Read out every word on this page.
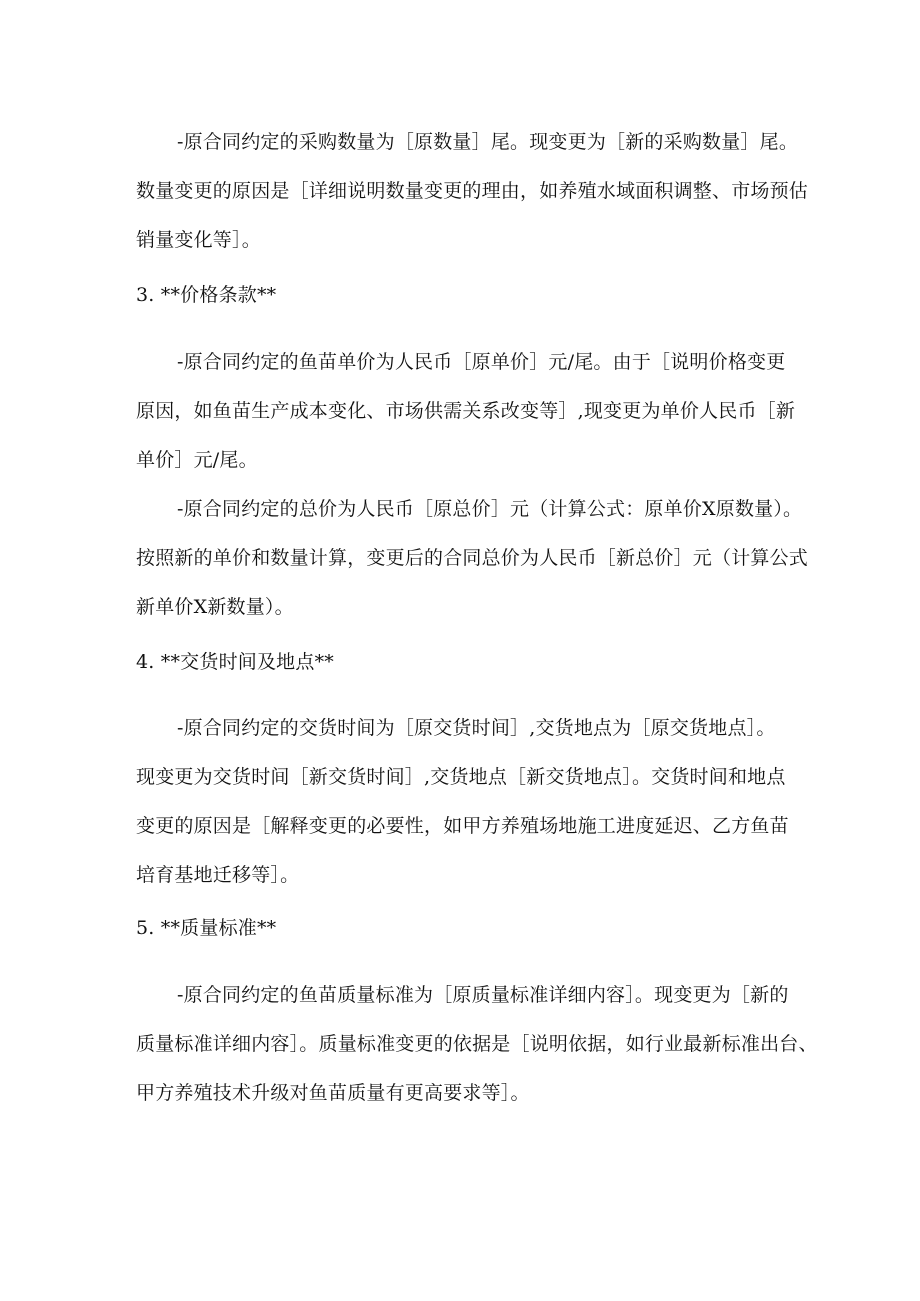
-原合同约定的采购数量为［原数量］尾。现变更为［新的采购数量］尾。
数量变更的原因是［详细说明数量变更的理由，如养殖水域面积调整、市场预估
销量变化等］。
3. **价格条款**
-原合同约定的鱼苗单价为人民币［原单价］元/尾。由于［说明价格变更
原因，如鱼苗生产成本变化、市场供需关系改变等］,现变更为单价人民币［新
单价］元/尾。
-原合同约定的总价为人民币［原总价］元（计算公式：原单价X原数量）。
按照新的单价和数量计算，变更后的合同总价为人民币［新总价］元（计算公式
新单价X新数量）。
4. **交货时间及地点**
-原合同约定的交货时间为［原交货时间］,交货地点为［原交货地点］。
现变更为交货时间［新交货时间］,交货地点［新交货地点］。交货时间和地点
变更的原因是［解释变更的必要性，如甲方养殖场地施工进度延迟、乙方鱼苗
培育基地迁移等］。
5. **质量标准**
-原合同约定的鱼苗质量标准为［原质量标准详细内容］。现变更为［新的
质量标准详细内容］。质量标准变更的依据是［说明依据，如行业最新标准出台、
甲方养殖技术升级对鱼苗质量有更高要求等］。
